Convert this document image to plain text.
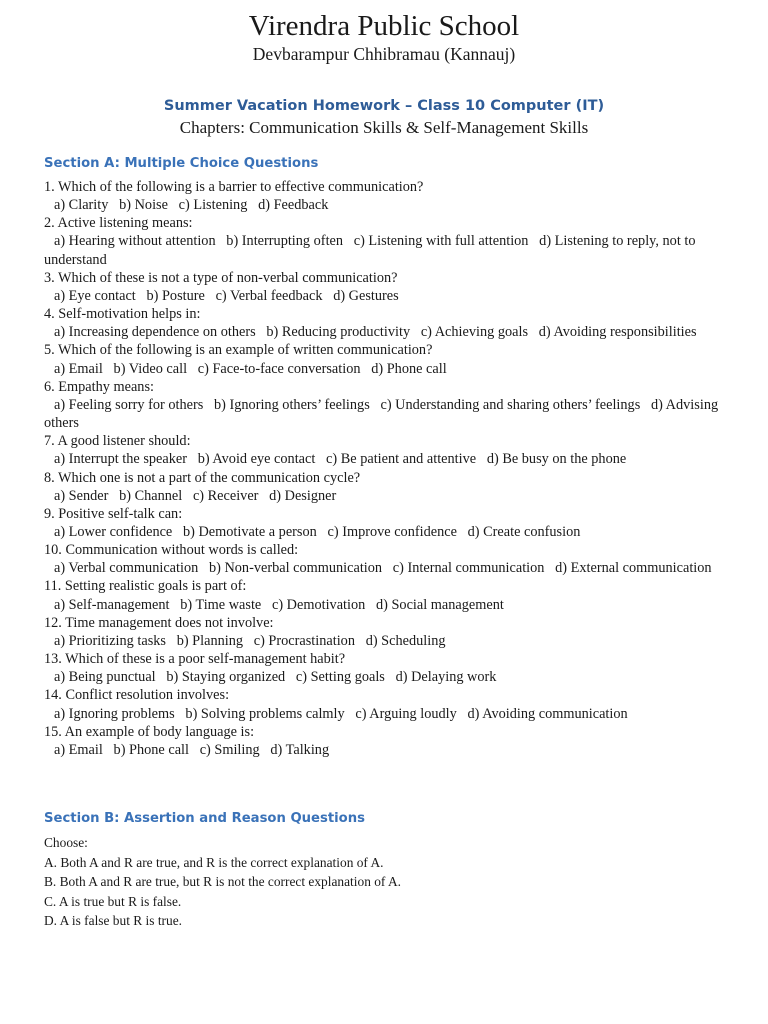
Virendra Public School
Devbarampur Chhibramau (Kannauj)
Summer Vacation Homework – Class 10 Computer (IT)
Chapters: Communication Skills & Self-Management Skills
Section A: Multiple Choice Questions
1. Which of the following is a barrier to effective communication?
a) Clarity   b) Noise   c) Listening   d) Feedback
2. Active listening means:
a) Hearing without attention   b) Interrupting often   c) Listening with full attention   d) Listening to reply, not to understand
3. Which of these is not a type of non-verbal communication?
a) Eye contact   b) Posture   c) Verbal feedback   d) Gestures
4. Self-motivation helps in:
a) Increasing dependence on others   b) Reducing productivity   c) Achieving goals   d) Avoiding responsibilities
5. Which of the following is an example of written communication?
a) Email   b) Video call   c) Face-to-face conversation   d) Phone call
6. Empathy means:
a) Feeling sorry for others   b) Ignoring others’ feelings   c) Understanding and sharing others’ feelings   d) Advising others
7. A good listener should:
a) Interrupt the speaker   b) Avoid eye contact   c) Be patient and attentive   d) Be busy on the phone
8. Which one is not a part of the communication cycle?
a) Sender   b) Channel   c) Receiver   d) Designer
9. Positive self-talk can:
a) Lower confidence   b) Demotivate a person   c) Improve confidence   d) Create confusion
10. Communication without words is called:
a) Verbal communication   b) Non-verbal communication   c) Internal communication   d) External communication
11. Setting realistic goals is part of:
a) Self-management   b) Time waste   c) Demotivation   d) Social management
12. Time management does not involve:
a) Prioritizing tasks   b) Planning   c) Procrastination   d) Scheduling
13. Which of these is a poor self-management habit?
a) Being punctual   b) Staying organized   c) Setting goals   d) Delaying work
14. Conflict resolution involves:
a) Ignoring problems   b) Solving problems calmly   c) Arguing loudly   d) Avoiding communication
15. An example of body language is:
a) Email   b) Phone call   c) Smiling   d) Talking
Section B: Assertion and Reason Questions
Choose:
A. Both A and R are true, and R is the correct explanation of A.
B. Both A and R are true, but R is not the correct explanation of A.
C. A is true but R is false.
D. A is false but R is true.
